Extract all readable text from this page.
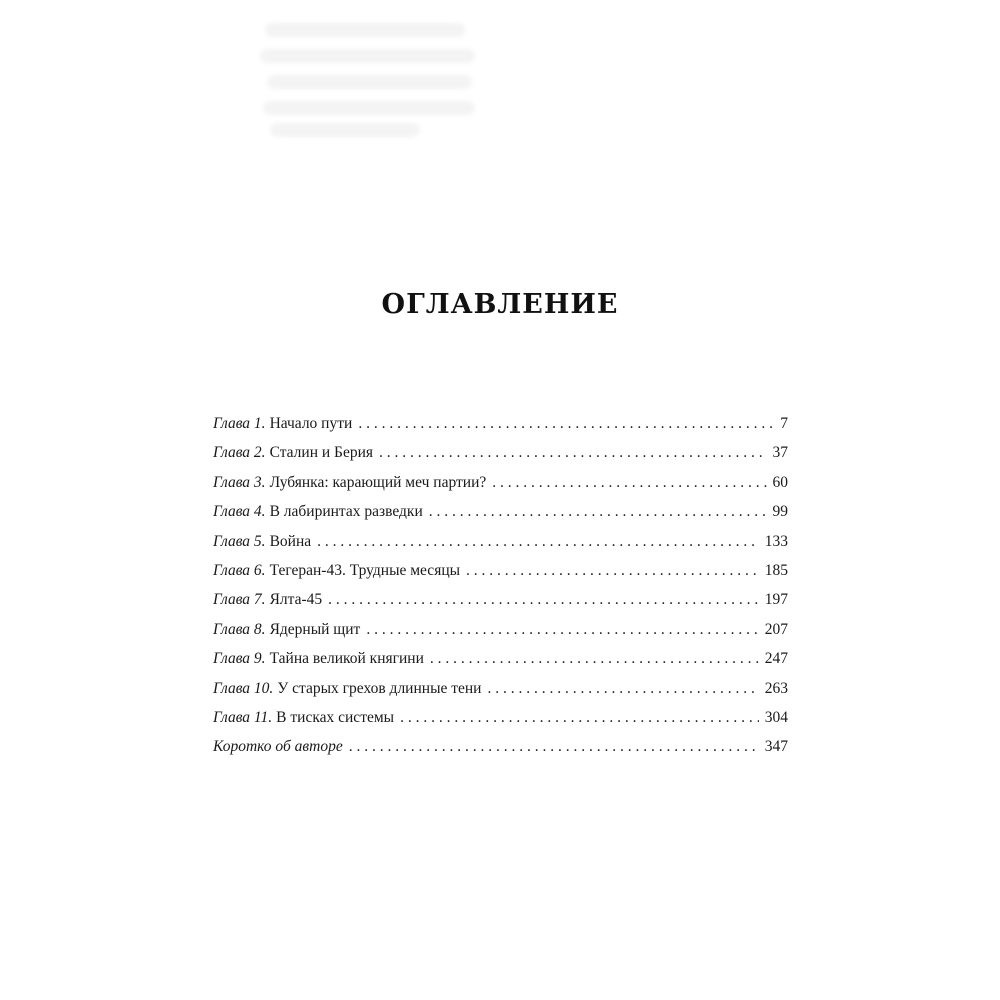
ОГЛАВЛЕНИЕ
Глава 1. Начало пути . . .	7
Глава 2. Сталин и Берия . . .	37
Глава 3. Лубянка: карающий меч партии? . . .	60
Глава 4. В лабиринтах разведки . . .	99
Глава 5. Война . . .	133
Глава 6. Тегеран-43. Трудные месяцы . . .	185
Глава 7. Ялта-45 . . .	197
Глава 8. Ядерный щит . . .	207
Глава 9. Тайна великой княгини . . .	247
Глава 10. У старых грехов длинные тени . . .	263
Глава 11. В тисках системы . . .	304
Коротко об авторе . . .	347
